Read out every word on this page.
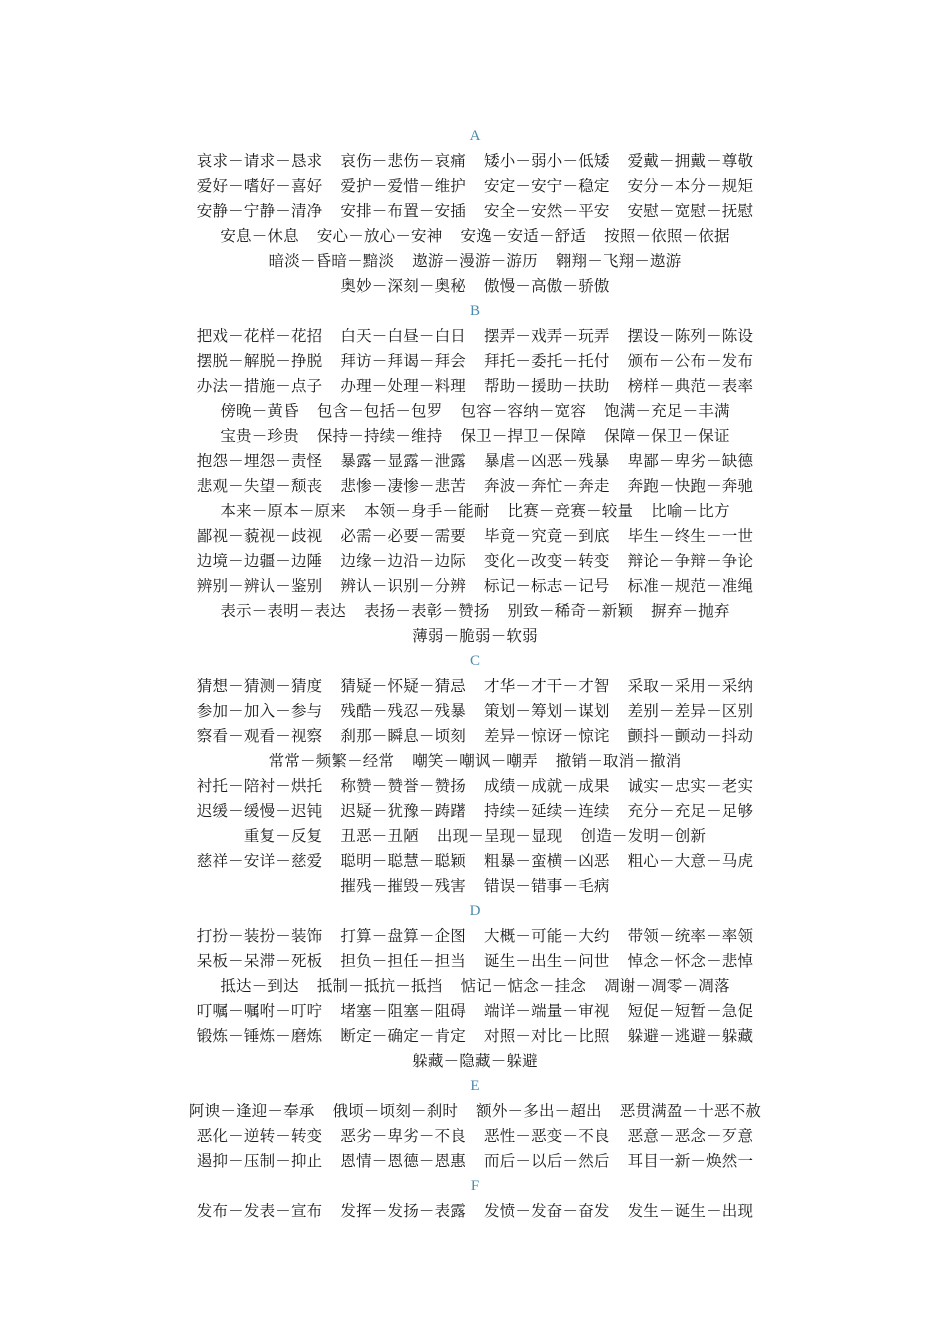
A
哀求－请求－恳求 哀伤－悲伤－哀痛 矮小－弱小－低矮 爱戴－拥戴－尊敬
爱好－嗜好－喜好 爱护－爱惜－维护 安定－安宁－稳定 安分－本分－规矩
安静－宁静－清净 安排－布置－安插 安全－安然－平安 安慰－宽慰－抚慰
安息－休息 安心－放心－安神 安逸－安适－舒适 按照－依照－依据
暗淡－昏暗－黯淡 遨游－漫游－游历 翱翔－飞翔－遨游
奥妙－深刻－奥秘 傲慢－高傲－骄傲
B
把戏－花样－花招 白天－白昼－白日 摆弄－戏弄－玩弄 摆设－陈列－陈设
摆脱－解脱－挣脱 拜访－拜谒－拜会 拜托－委托－托付 颁布－公布－发布
办法－措施－点子 办理－处理－料理 帮助－援助－扶助 榜样－典范－表率
傍晚－黄昏 包含－包括－包罗 包容－容纳－宽容 饱满－充足－丰满
宝贵－珍贵 保持－持续－维持 保卫－捍卫－保障 保障－保卫－保证
抱怨－埋怨－责怪 暴露－显露－泄露 暴虐－凶恶－残暴 卑鄙－卑劣－缺德
悲观－失望－颓丧 悲惨－凄惨－悲苦 奔波－奔忙－奔走 奔跑－快跑－奔驰
本来－原本－原来 本领－身手－能耐 比赛－竞赛－较量 比喻－比方
鄙视－藐视－歧视 必需－必要－需要 毕竟－究竟－到底 毕生－终生－一世
边境－边疆－边陲 边缘－边沿－边际 变化－改变－转变 辩论－争辩－争论
辨别－辨认－鉴别 辨认－识别－分辨 标记－标志－记号 标准－规范－准绳
表示－表明－表达 表扬－表彰－赞扬 别致－稀奇－新颖 摒弃－抛弃
薄弱－脆弱－软弱
C
猜想－猜测－猜度 猜疑－怀疑－猜忌 才华－才干－才智 采取－采用－采纳
参加－加入－参与 残酷－残忍－残暴 策划－筹划－谋划 差别－差异－区别
察看－观看－视察 刹那－瞬息－顷刻 差异－惊讶－惊诧 颤抖－颤动－抖动
常常－频繁－经常 嘲笑－嘲讽－嘲弄 撤销－取消－撤消
衬托－陪衬－烘托 称赞－赞誉－赞扬 成绩－成就－成果 诚实－忠实－老实
迟缓－缓慢－迟钝 迟疑－犹豫－踌躇 持续－延续－连续 充分－充足－足够
重复－反复 丑恶－丑陋 出现－呈现－显现 创造－发明－创新
慈祥－安详－慈爱 聪明－聪慧－聪颖 粗暴－蛮横－凶恶 粗心－大意－马虎
摧残－摧毁－残害 错误－错事－毛病
D
打扮－装扮－装饰 打算－盘算－企图 大概－可能－大约 带领－统率－率领
呆板－呆滞－死板 担负－担任－担当 诞生－出生－问世 悼念－怀念－悲悼
抵达－到达 抵制－抵抗－抵挡 惦记－惦念－挂念 凋谢－凋零－凋落
叮嘱－嘱咐－叮咛 堵塞－阻塞－阻碍 端详－端量－审视 短促－短暂－急促
锻炼－锤炼－磨炼 断定－确定－肯定 对照－对比－比照 躲避－逃避－躲藏
躲藏－隐藏－躲避
E
阿谀－逢迎－奉承 俄顷－顷刻－刹时 额外－多出－超出 恶贯满盈－十恶不赦
恶化－逆转－转变 恶劣－卑劣－不良 恶性－恶变－不良 恶意－恶念－歹意
遏抑－压制－抑止 恩情－恩德－恩惠 而后－以后－然后 耳目一新－焕然一
F
发布－发表－宣布 发挥－发扬－表露 发愤－发奋－奋发 发生－诞生－出现
